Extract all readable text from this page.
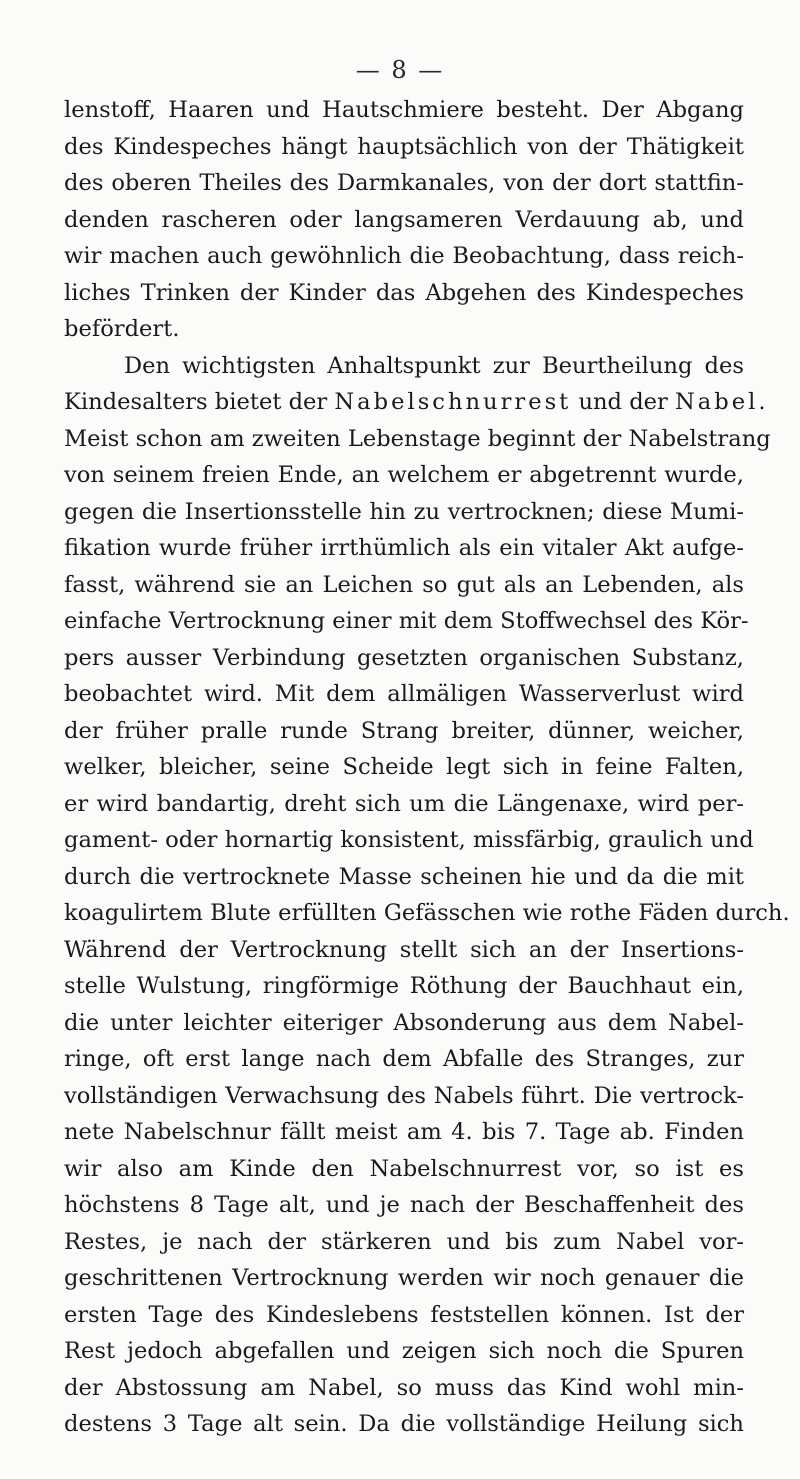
— 8 —
lenstoff, Haaren und Hautschmiere besteht. Der Abgang
des Kindespeches hängt hauptsächlich von der Thätigkeit
des oberen Theiles des Darmkanales, von der dort stattfin-
denden rascheren oder langsameren Verdauung ab, und
wir machen auch gewöhnlich die Beobachtung, dass reich-
liches Trinken der Kinder das Abgehen des Kindespeches
befördert.
Den wichtigsten Anhaltspunkt zur Beurtheilung des
Kindesalters bietet der Nabelschnurrest und der Nabel.
Meist schon am zweiten Lebenstage beginnt der Nabelstrang
von seinem freien Ende, an welchem er abgetrennt wurde,
gegen die Insertionsstelle hin zu vertrocknen; diese Mumi-
fikation wurde früher irrthümlich als ein vitaler Akt aufge-
fasst, während sie an Leichen so gut als an Lebenden, als
einfache Vertrocknung einer mit dem Stoffwechsel des Kör-
pers ausser Verbindung gesetzten organischen Substanz,
beobachtet wird. Mit dem allmäligen Wasserverlust wird
der früher pralle runde Strang breiter, dünner, weicher,
welker, bleicher, seine Scheide legt sich in feine Falten,
er wird bandartig, dreht sich um die Längenaxe, wird per-
gament- oder hornartig konsistent, missfärbig, graulich und
durch die vertrocknete Masse scheinen hie und da die mit
koagulirtem Blute erfüllten Gefässchen wie rothe Fäden durch.
Während der Vertrocknung stellt sich an der Insertions-
stelle Wulstung, ringförmige Röthung der Bauchhaut ein,
die unter leichter eiteriger Absonderung aus dem Nabel-
ringe, oft erst lange nach dem Abfalle des Stranges, zur
vollständigen Verwachsung des Nabels führt. Die vertrock-
nete Nabelschnur fällt meist am 4. bis 7. Tage ab. Finden
wir also am Kinde den Nabelschnurrest vor, so ist es
höchstens 8 Tage alt, und je nach der Beschaffenheit des
Restes, je nach der stärkeren und bis zum Nabel vor-
geschrittenen Vertrocknung werden wir noch genauer die
ersten Tage des Kindeslebens feststellen können. Ist der
Rest jedoch abgefallen und zeigen sich noch die Spuren
der Abstossung am Nabel, so muss das Kind wohl min-
destens 3 Tage alt sein. Da die vollständige Heilung sich
